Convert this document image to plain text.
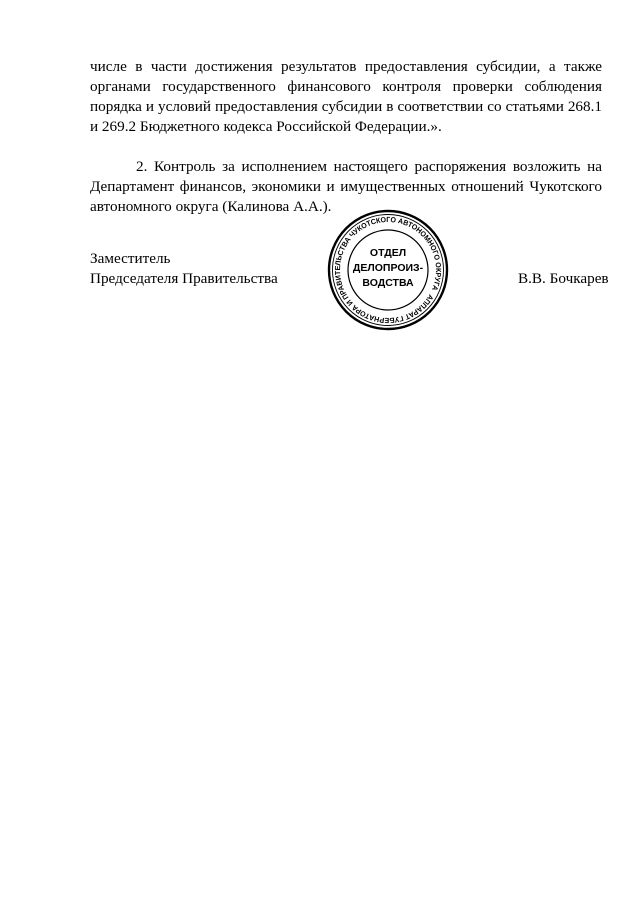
числе в части достижения результатов предоставления субсидии, а также
органами государственного финансового контроля проверки соблюдения
порядка и условий предоставления субсидии в соответствии со статьями 268.1
и 269.2 Бюджетного кодекса Российской Федерации.».
2. Контроль за исполнением настоящего распоряжения возложить на
Департамент финансов, экономики и имущественных отношений Чукотского
автономного округа (Калинова А.А.).
Заместитель
Председателя Правительства	В.В. Бочкарев
АППАРАТ ГУБЕРНАТОРА И ПРАВИТЕЛЬСТВА ЧУКОТСКОГО АВТОНОМНОГО ОКРУГА
ОТДЕЛ
ДЕЛОПРОИЗ-
ВОДСТВА
